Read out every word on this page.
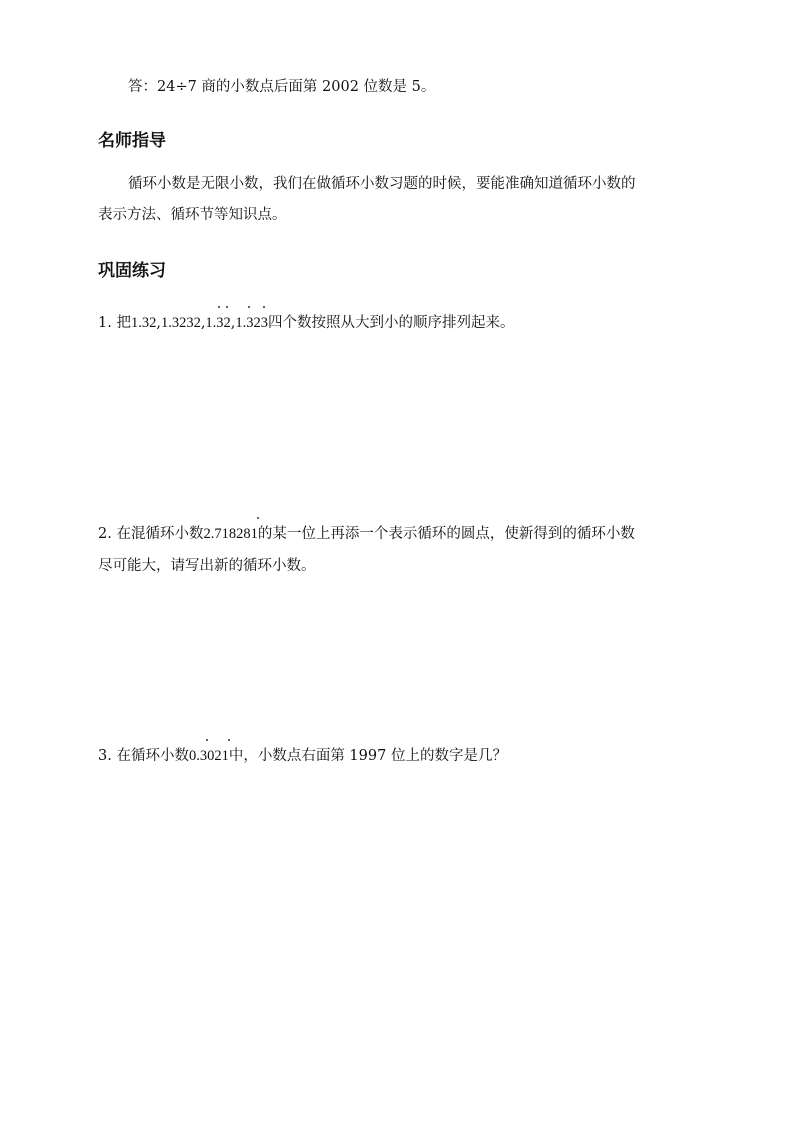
答：24÷7 商的小数点后面第 2002 位数是 5。
名师指导
循环小数是无限小数，我们在做循环小数习题的时候，要能准确知道循环小数的
表示方法、循环节等知识点。
巩固练习
1. 把1.32,1.3232,1.32
,1.323
四个数按照从大到小的顺序排列起来。
2. 在混循环小数2.718281
的某一位上再添一个表示循环的圆点，使新得到的循环小数
尽可能大，请写出新的循环小数。
3. 在循环小数0.3021
中，小数点右面第 1997 位上的数字是几？
